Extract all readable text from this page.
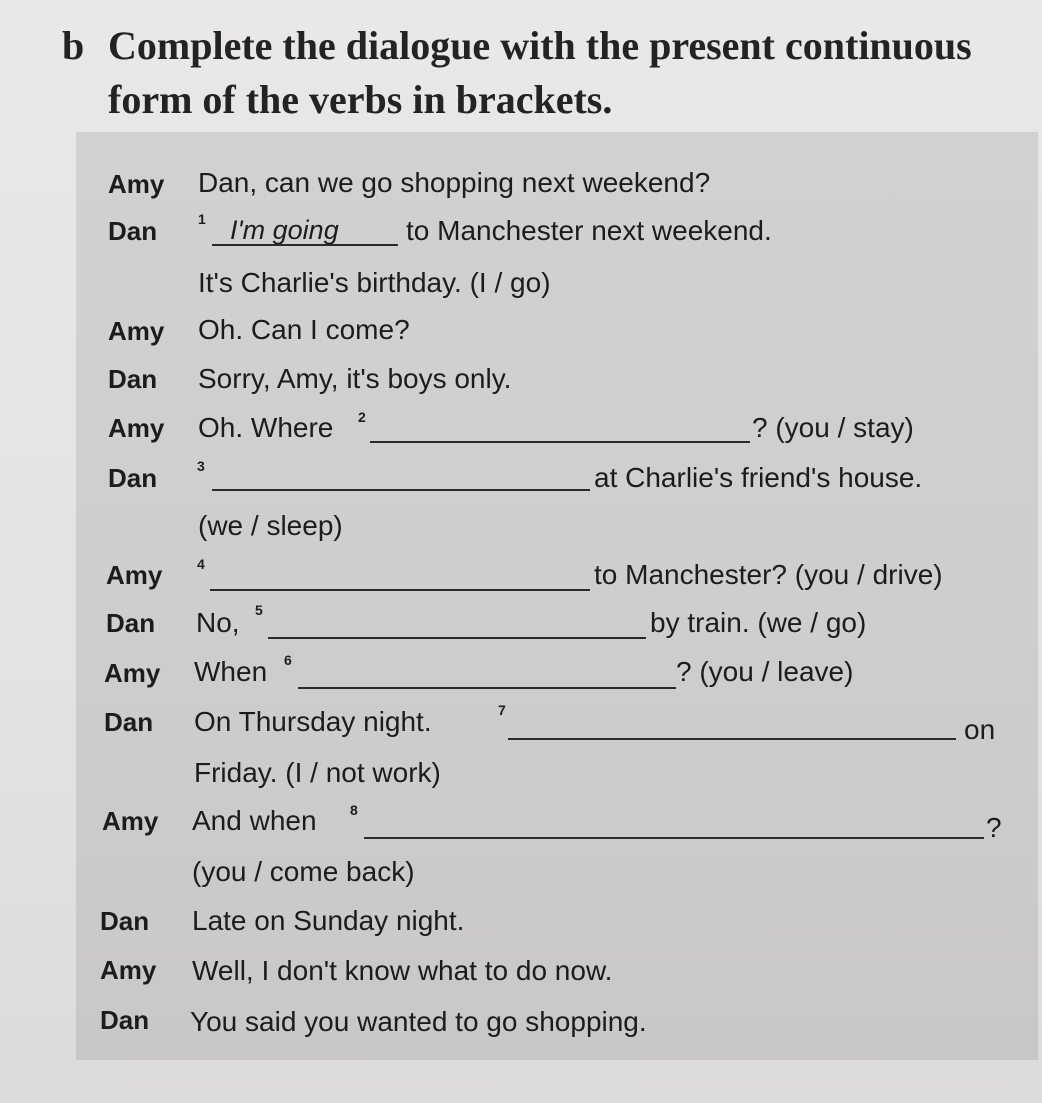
b Complete the dialogue with the present continuous
form of the verbs in brackets.
Amy Dan, can we go shopping next weekend?
Dan	1 I'm going to Manchester next weekend.
It's Charlie's birthday. (I / go)
Amy Oh. Can I come?
Dan Sorry, Amy, it's boys only.
Amy Oh. Where 2	? (you / stay)
Dan	3	at Charlie's friend's house.
(we / sleep)
Amy 4	to Manchester? (you / drive)
Dan No, 5	by train. (we / go)
Amy When 6	? (you / leave)
Dan On Thursday night.	7
on
Friday. (I / not work)
Amy And when 8
?
(you / come back)
Dan Late on Sunday night.
Amy Well, I don't know what to do now.
Dan You said you wanted to go shopping.
